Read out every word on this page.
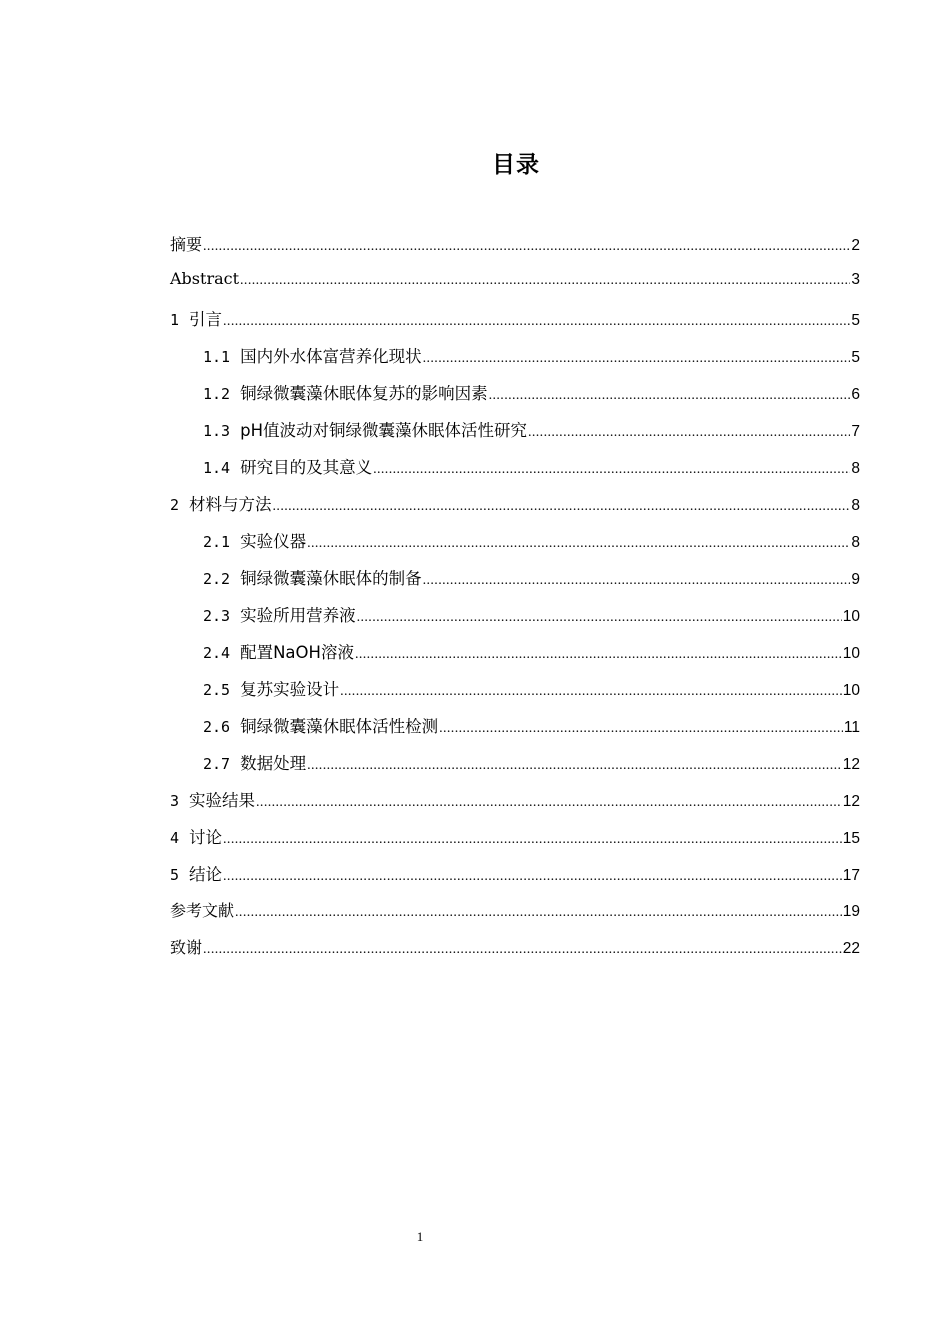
目录
摘要 .....	2
Abstract .....	3
1 引言 .....	5
1.1 国内外水体富营养化现状 .....	5
1.2 铜绿微囊藻休眠体复苏的影响因素 .....	6
1.3 pH值波动对铜绿微囊藻休眠体活性研究 .....	7
1.4 研究目的及其意义 .....	8
2 材料与方法 .....	8
2.1 实验仪器 .....	8
2.2 铜绿微囊藻休眠体的制备 .....	9
2.3 实验所用营养液 .....	10
2.4 配置NaOH溶液 .....	10
2.5 复苏实验设计 .....	10
2.6 铜绿微囊藻休眠体活性检测 .....	11
2.7 数据处理 .....	12
3 实验结果 .....	12
4 讨论 .....	15
5 结论 .....	17
参考文献 .....	19
致谢 .....	22
1
